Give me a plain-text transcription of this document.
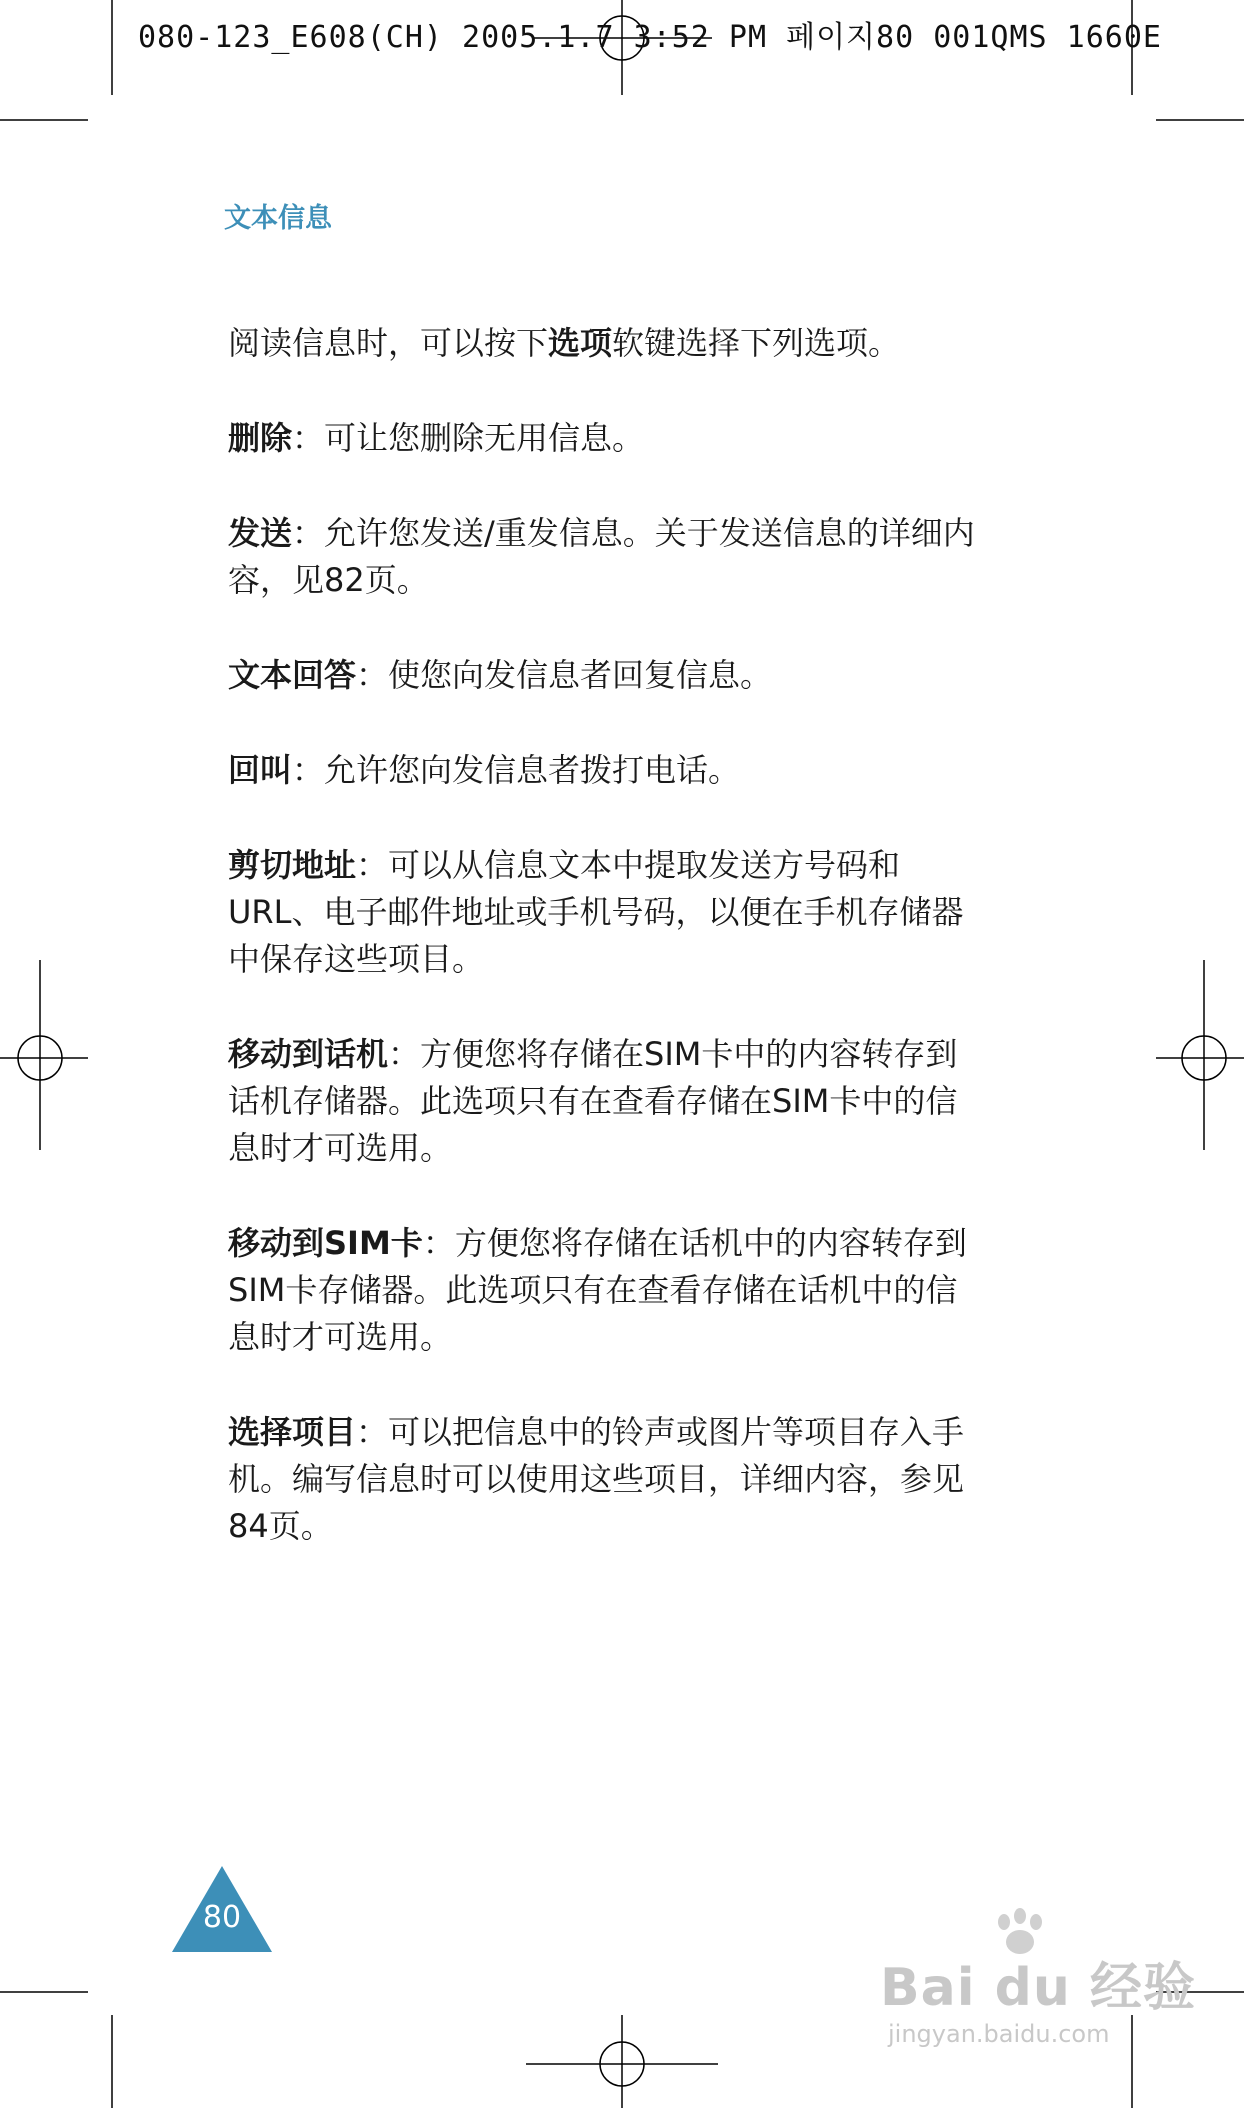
080-123_E608(CH) 2005.1.7 3:52 PM 페이지80 001QMS 1660E
文本信息

阅读信息时，可以按下选项软键选择下列选项。

删除：可让您删除无用信息。

发送：允许您发送/重发信息。关于发送信息的详细内容，见82页。

文本回答：使您向发信息者回复信息。

回叫：允许您向发信息者拨打电话。

剪切地址：可以从信息文本中提取发送方号码和URL、电子邮件地址或手机号码，以便在手机存储器中保存这些项目。

移动到话机：方便您将存储在SIM卡中的内容转存到话机存储器。此选项只有在查看存储在SIM卡中的信息时才可选用。

移动到SIM卡：方便您将存储在话机中的内容转存到SIM卡存储器。此选项只有在查看存储在话机中的信息时才可选用。

选择项目：可以把信息中的铃声或图片等项目存入手机。编写信息时可以使用这些项目，详细内容，参见84页。

80
Bai du 经验
jingyan.baidu.com
